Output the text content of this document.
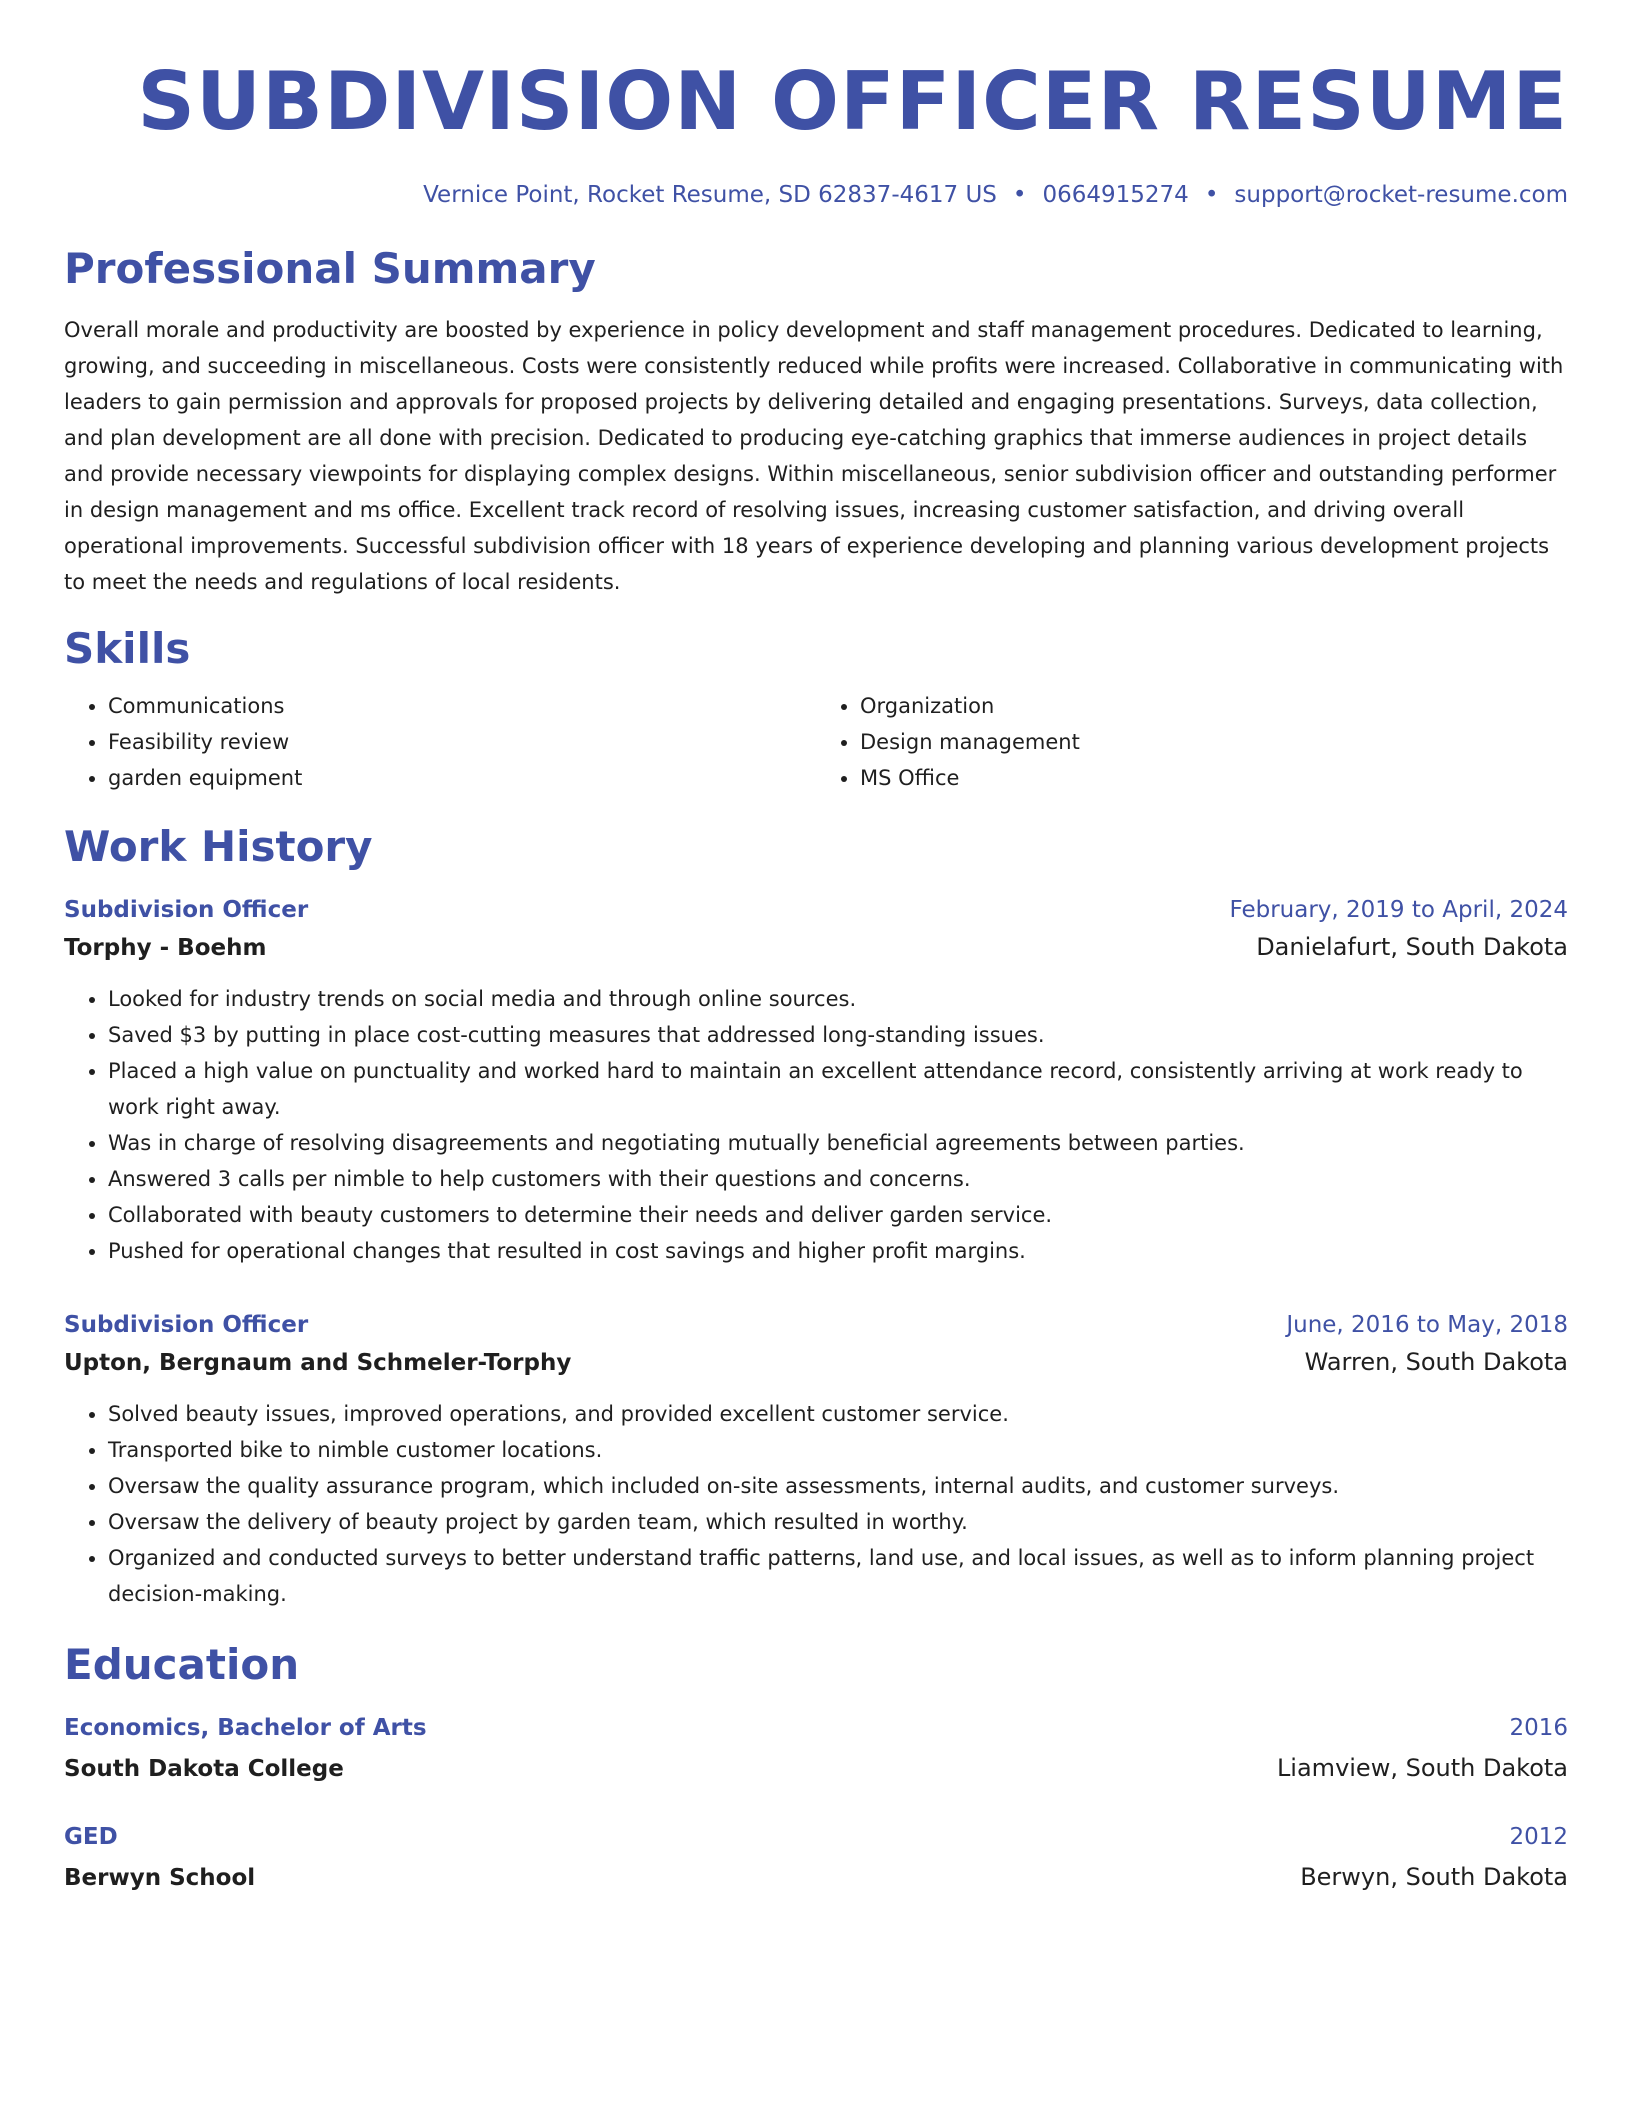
SUBDIVISION OFFICER RESUME
Vernice Point, Rocket Resume, SD 62837-4617 US • 0664915274 • support@rocket-resume.com
Professional Summary
Overall morale and productivity are boosted by experience in policy development and staff management procedures. Dedicated to learning, growing, and succeeding in miscellaneous. Costs were consistently reduced while profits were increased. Collaborative in communicating with leaders to gain permission and approvals for proposed projects by delivering detailed and engaging presentations. Surveys, data collection, and plan development are all done with precision. Dedicated to producing eye-catching graphics that immerse audiences in project details and provide necessary viewpoints for displaying complex designs. Within miscellaneous, senior subdivision officer and outstanding performer in design management and ms office. Excellent track record of resolving issues, increasing customer satisfaction, and driving overall operational improvements. Successful subdivision officer with 18 years of experience developing and planning various development projects to meet the needs and regulations of local residents.
Skills
• Communications
• Feasibility review
• garden equipment
• Organization
• Design management
• MS Office
Work History
Subdivision Officer	February, 2019 to April, 2024
Torphy - Boehm	Danielafurt, South Dakota
• Looked for industry trends on social media and through online sources.
• Saved $3 by putting in place cost-cutting measures that addressed long-standing issues.
• Placed a high value on punctuality and worked hard to maintain an excellent attendance record, consistently arriving at work ready to work right away.
• Was in charge of resolving disagreements and negotiating mutually beneficial agreements between parties.
• Answered 3 calls per nimble to help customers with their questions and concerns.
• Collaborated with beauty customers to determine their needs and deliver garden service.
• Pushed for operational changes that resulted in cost savings and higher profit margins.
Subdivision Officer	June, 2016 to May, 2018
Upton, Bergnaum and Schmeler-Torphy	Warren, South Dakota
• Solved beauty issues, improved operations, and provided excellent customer service.
• Transported bike to nimble customer locations.
• Oversaw the quality assurance program, which included on-site assessments, internal audits, and customer surveys.
• Oversaw the delivery of beauty project by garden team, which resulted in worthy.
• Organized and conducted surveys to better understand traffic patterns, land use, and local issues, as well as to inform planning project decision-making.
Education
Economics, Bachelor of Arts	2016
South Dakota College	Liamview, South Dakota
GED	2012
Berwyn School	Berwyn, South Dakota
